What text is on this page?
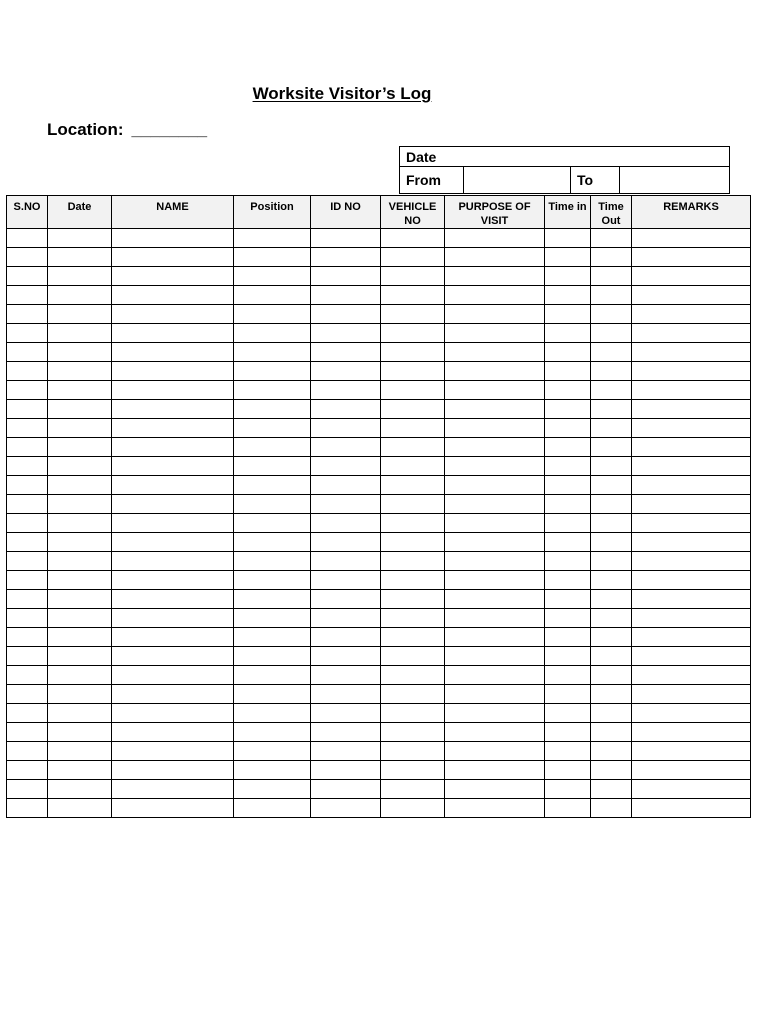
Worksite Visitor’s Log
Location: ________
Date
From		To	
S.NO	Date	NAME	Position	ID NO	VEHICLE NO	PURPOSE OF VISIT	Time in	Time Out	REMARKS
